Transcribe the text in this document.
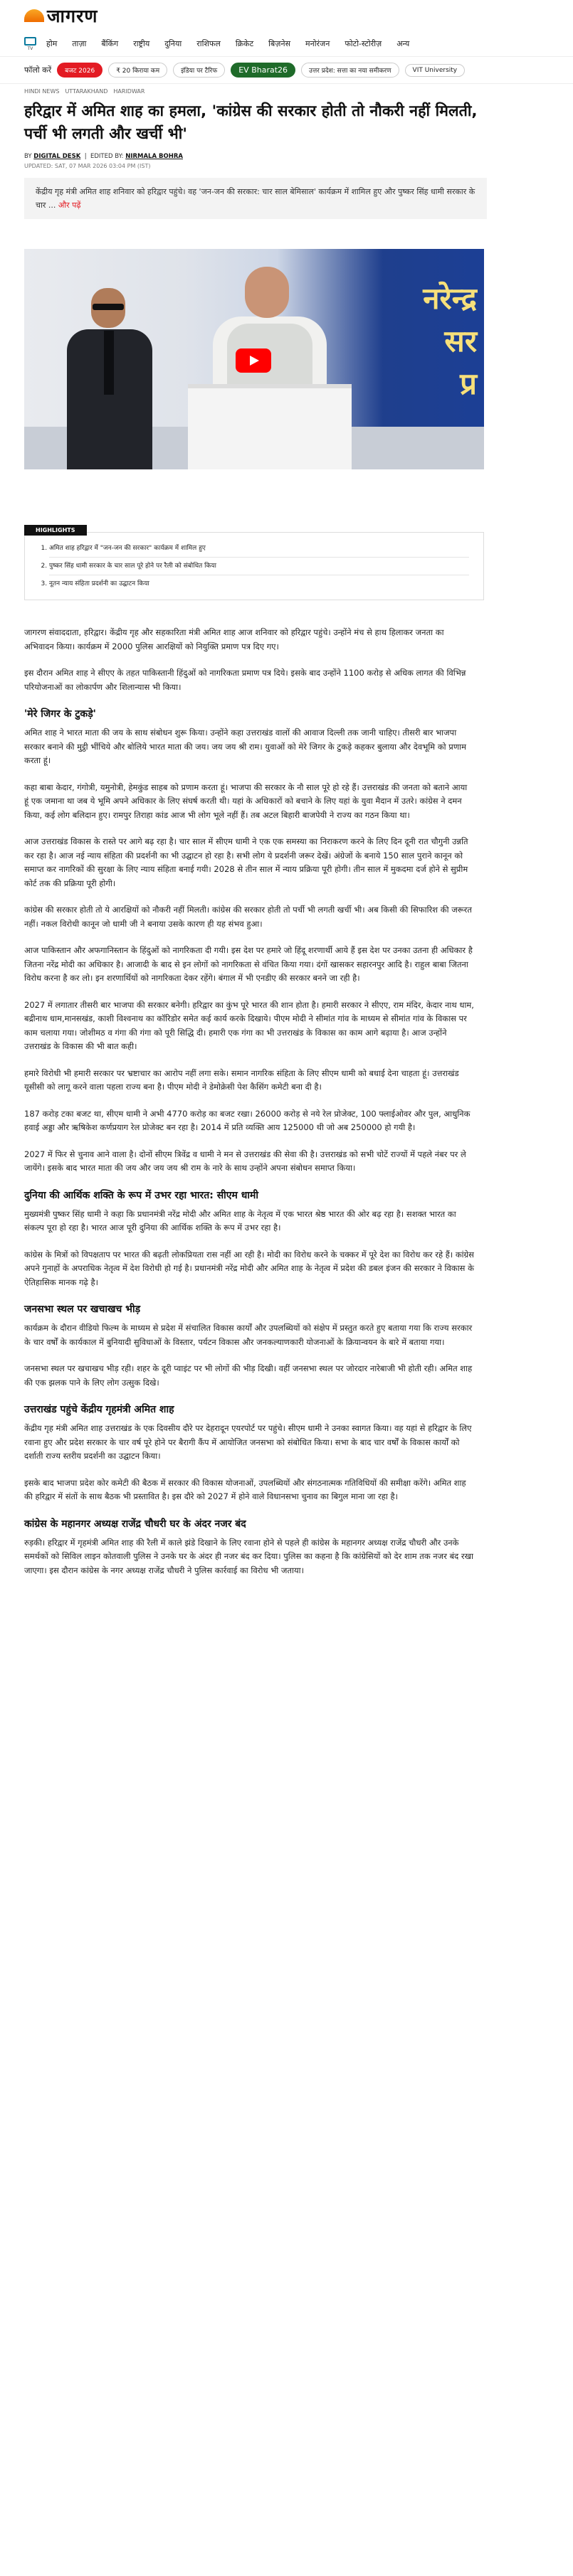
जागरण
TV होम ताज़ा बैंकिंग राष्ट्रीय दुनिया राशिफल क्रिकेट बिज़नेस मनोरंजन फोटो-स्टोरीज़ अन्य
फॉलो करें	बजट 2026	₹ 20 किराया कम	इंडिया पर टैरिफ	EV Bharat26	उत्तर प्रदेश: सत्ता का नया समीकरण	VIT University
HINDI NEWS UTTARAKHAND HARIDWAR
हरिद्वार में अमित शाह का हमला, 'कांग्रेस की सरकार होती तो नौकरी नहीं मिलती, पर्ची भी लगती और खर्ची भी'
BY DIGITAL DESK  |  EDITED BY: NIRMALA BOHRA
UPDATED: SAT, 07 MAR 2026 03:04 PM (IST)
केंद्रीय गृह मंत्री अमित शाह शनिवार को हरिद्वार पहुंचे। वह 'जन-जन की सरकार: चार साल बेमिसाल' कार्यक्रम में शामिल हुए और पुष्कर सिंह धामी सरकार के चार ... और पढ़ें
नरेन्द्र
सर
प्र
HIGHLIGHTS
1. अमित शाह हरिद्वार में "जन-जन की सरकार" कार्यक्रम में शामिल हुए
2. पुष्कर सिंह धामी सरकार के चार साल पूरे होने पर रैली को संबोधित किया
3. नूतन न्याय संहिता प्रदर्शनी का उद्घाटन किया

जागरण संवाददाता, हरिद्वार। केंद्रीय गृह और सहकारिता मंत्री अमित शाह आज शनिवार को हरिद्वार पहुंचे। उन्होंने मंच से हाथ हिलाकर जनता का अभिवादन किया। कार्यक्रम में 2000 पुलिस आरक्षियों को नियुक्ति प्रमाण पत्र दिए गए।

इस दौरान अमित शाह ने सीएए के तहत पाकिस्तानी हिंदुओं को नागरिकता प्रमाण पत्र दिये। इसके बाद उन्होंने 1100 करोड़ से अधिक लागत की विभिन्न परियोजनाओं का लोकार्पण और शिलान्यास भी किया।

'मेरे जिगर के टुकड़े'

अमित शाह ने भारत माता की जय के साथ संबोधन शुरू किया। उन्होंने कहा उत्तराखंड वालों की आवाज दिल्ली तक जानी चाहिए। तीसरी बार भाजपा सरकार बनाने की मुट्ठी भींचिये और बोलिये भारत माता की जय। जय जय श्री राम। युवाओं को मेरे जिगर के टुकड़े कहकर बुलाया और देवभूमि को प्रणाम करता हूं।

कहा बाबा केदार, गंगोत्री, यमुनोत्री, हेमकुंड साहब को प्रणाम करता हूं। भाजपा की सरकार के नौ साल पूरे हो रहे हैं। उत्तराखंड की जनता को बताने आया हूं एक जमाना था जब ये भूमि अपने अधिकार के लिए संघर्ष करती थी। यहां के अधिकारों को बचाने के लिए यहां के युवा मैदान में उतरे। कांग्रेस ने दमन किया, कई लोग बलिदान हुए। रामपुर तिराहा कांड आज भी लोग भूले नहीं हैं। तब अटल बिहारी बाजपेयी ने राज्य का गठन किया था।

आज उत्तराखंड विकास के रास्ते पर आगे बढ़ रहा है। चार साल में सीएम धामी ने एक एक समस्या का निराकरण करने के लिए दिन दूनी रात चौगुनी उन्नति कर रहा है। आज नई न्याय संहिता की प्रदर्शनी का भी उद्घाटन हो रहा है। सभी लोग ये प्रदर्शनी जरूर देखें। अंग्रेजों के बनाये 150 साल पुराने कानून को समाप्त कर नागरिकों की सुरक्षा के लिए न्याय संहिता बनाई गयी। 2028 से तीन साल में न्याय प्रक्रिया पूरी होगी। तीन साल में मुकदमा दर्ज होने से सुप्रीम कोर्ट तक की प्रक्रिया पूरी होगी।

कांग्रेस की सरकार होती तो ये आरक्षियों को नौकरी नहीं मिलती। कांग्रेस की सरकार होती तो पर्ची भी लगती खर्ची भी। अब किसी की सिफारिश की जरूरत नहीं। नकल विरोधी कानून जो धामी जी ने बनाया उसके कारण ही यह संभव हुआ।

आज पाकिस्तान और अफगानिस्तान के हिंदुओं को नागरिकता दी गयी। इस देश पर हमारे जो हिंदू शरणार्थी आये हैं इस देश पर उनका उतना ही अधिकार है जितना नरेंद्र मोदी का अधिकार है। आजादी के बाद से इन लोगों को नागरिकता से वंचित किया गया। दंगों खासकर सहारनपुर आदि है। राहुल बाबा जितना विरोध करना है कर लो। इन शरणार्थियों को नागरिकता देकर रहेंगे। बंगाल में भी एनडीए की सरकार बनने जा रही है।

2027 में लगातार तीसरी बार भाजपा की सरकार बनेगी। हरिद्वार का कुंभ पूरे भारत की शान होता है। हमारी सरकार ने सीएए, राम मंदिर, केदार नाथ धाम, बद्रीनाथ धाम,मानसखंड, काशी विश्वनाथ का कॉरिडोर समेत कई कार्य करके दिखाये। पीएम मोदी ने सीमांत गांव के माध्यम से सीमांत गांव के विकास पर काम चलाया गया। जोशीमठ व गंगा की गंगा को पूरी सिद्धि दी। हमारी एक गंगा का भी उत्तराखंड के विकास का काम आगे बढ़ाया है। आज उन्होंने उत्तराखंड के विकास की भी बात कही।

हमारे विरोधी भी हमारी सरकार पर भ्रष्टाचार का आरोप नहीं लगा सके। समान नागरिक संहिता के लिए सीएम धामी को बधाई देना चाहता हूं। उत्तराखंड यूसीसी को लागू करने वाला पहला राज्य बना है। पीएम मोदी ने डेमोक्रेसी पेश कैसिंग कमेटी बना दी है।

187 करोड़ टका बजट था, सीएम धामी ने अभी 4770 करोड़ का बजट रखा। 26000 करोड़ से नये रेल प्रोजेक्ट, 100 फ्लाईओवर और पुल, आधुनिक हवाई अड्डा और ऋषिकेश कर्णप्रयाग रेल प्रोजेक्ट बन रहा है। 2014 में प्रति व्यक्ति आय 125000 थी जो अब 250000 हो गयी है।

2027 में फिर से चुनाव आने वाला है। दोनों सीएम त्रिवेंद्र व धामी ने मन से उत्तराखंड की सेवा की है। उत्तराखंड को सभी चोटें राज्यों में पहले नंबर पर ले जायेंगे। इसके बाद भारत माता की जय और जय जय श्री राम के नारे के साथ उन्होंने अपना संबोधन समाप्त किया।

दुनिया की आर्थिक शक्ति के रूप में उभर रहा भारत: सीएम धामी

मुख्यमंत्री पुष्कर सिंह धामी ने कहा कि प्रधानमंत्री नरेंद्र मोदी और अमित शाह के नेतृत्व में एक भारत श्रेष्ठ भारत की ओर बढ़ रहा है। सशक्त भारत का संकल्प पूरा हो रहा है। भारत आज पूरी दुनिया की आर्थिक शक्ति के रूप में उभर रहा है।

कांग्रेस के मित्रों को विपक्षताप पर भारत की बढ़ती लोकप्रियता रास नहीं आ रही है। मोदी का विरोध करने के चक्कर में पूरे देश का विरोध कर रहे हैं। कांग्रेस अपने गुनाहों के अपराधिक नेतृत्व में देश विरोधी हो गई है। प्रधानमंत्री नरेंद्र मोदी और अमित शाह के नेतृत्व में प्रदेश की डबल इंजन की सरकार ने विकास के ऐतिहासिक मानक गढ़े है।

जनसभा स्थल पर खचाखच भीड़

कार्यक्रम के दौरान वीडियो फिल्म के माध्यम से प्रदेश में संचालित विकास कार्यों और उपलब्धियों को संक्षेप में प्रस्तुत करते हुए बताया गया कि राज्य सरकार के चार वर्षों के कार्यकाल में बुनियादी सुविधाओं के विस्तार, पर्यटन विकास और जनकल्याणकारी योजनाओं के क्रियान्वयन के बारे में बताया गया।

जनसभा स्थल पर खचाखच भीड़ रही। शहर के दूरी प्वाइंट पर भी लोगों की भीड़ दिखी। वहीं जनसभा स्थल पर जोरदार नारेबाजी भी होती रही। अमित शाह की एक झलक पाने के लिए लोग उत्सुक दिखे।

उत्तराखंड पहुंचे केंद्रीय गृहमंत्री अमित शाह

केंद्रीय गृह मंत्री अमित शाह उत्तराखंड के एक दिवसीय दौरे पर देहरादून एयरपोर्ट पर पहुंचे। सीएम धामी ने उनका स्वागत किया। वह यहां से हरिद्वार के लिए रवाना हुए और प्रदेश सरकार के चार वर्ष पूरे होने पर बैरागी कैंप में आयोजित जनसभा को संबोधित किया। सभा के बाद चार वर्षों के विकास कार्यों को दर्शाती राज्य स्तरीय प्रदर्शनी का उद्घाटन किया।

इसके बाद भाजपा प्रदेश कोर कमेटी की बैठक में सरकार की विकास योजनाओं, उपलब्धियों और संगठनात्मक गतिविधियों की समीक्षा करेंगे। अमित शाह की हरिद्वार में संतों के साथ बैठक भी प्रस्तावित है। इस दौरे को 2027 में होने वाले विधानसभा चुनाव का बिगुल माना जा रहा है।

कांग्रेस के महानगर अध्यक्ष राजेंद्र चौधरी घर के अंदर नजर बंद

रुड़की। हरिद्वार में गृहमंत्री अमित शाह की रैली में काले झंडे दिखाने के लिए रवाना होने से पहले ही कांग्रेस के महानगर अध्यक्ष राजेंद्र चौधरी और उनके समर्थकों को सिविल लाइन कोतवाली पुलिस ने उनके घर के अंदर ही नजर बंद कर दिया। पुलिस का कहना है कि कांग्रेसियों को देर शाम तक नजर बंद रखा जाएगा। इस दौरान कांग्रेस के नगर अध्यक्ष राजेंद्र चौधरी ने पुलिस कार्रवाई का विरोध भी जताया।
